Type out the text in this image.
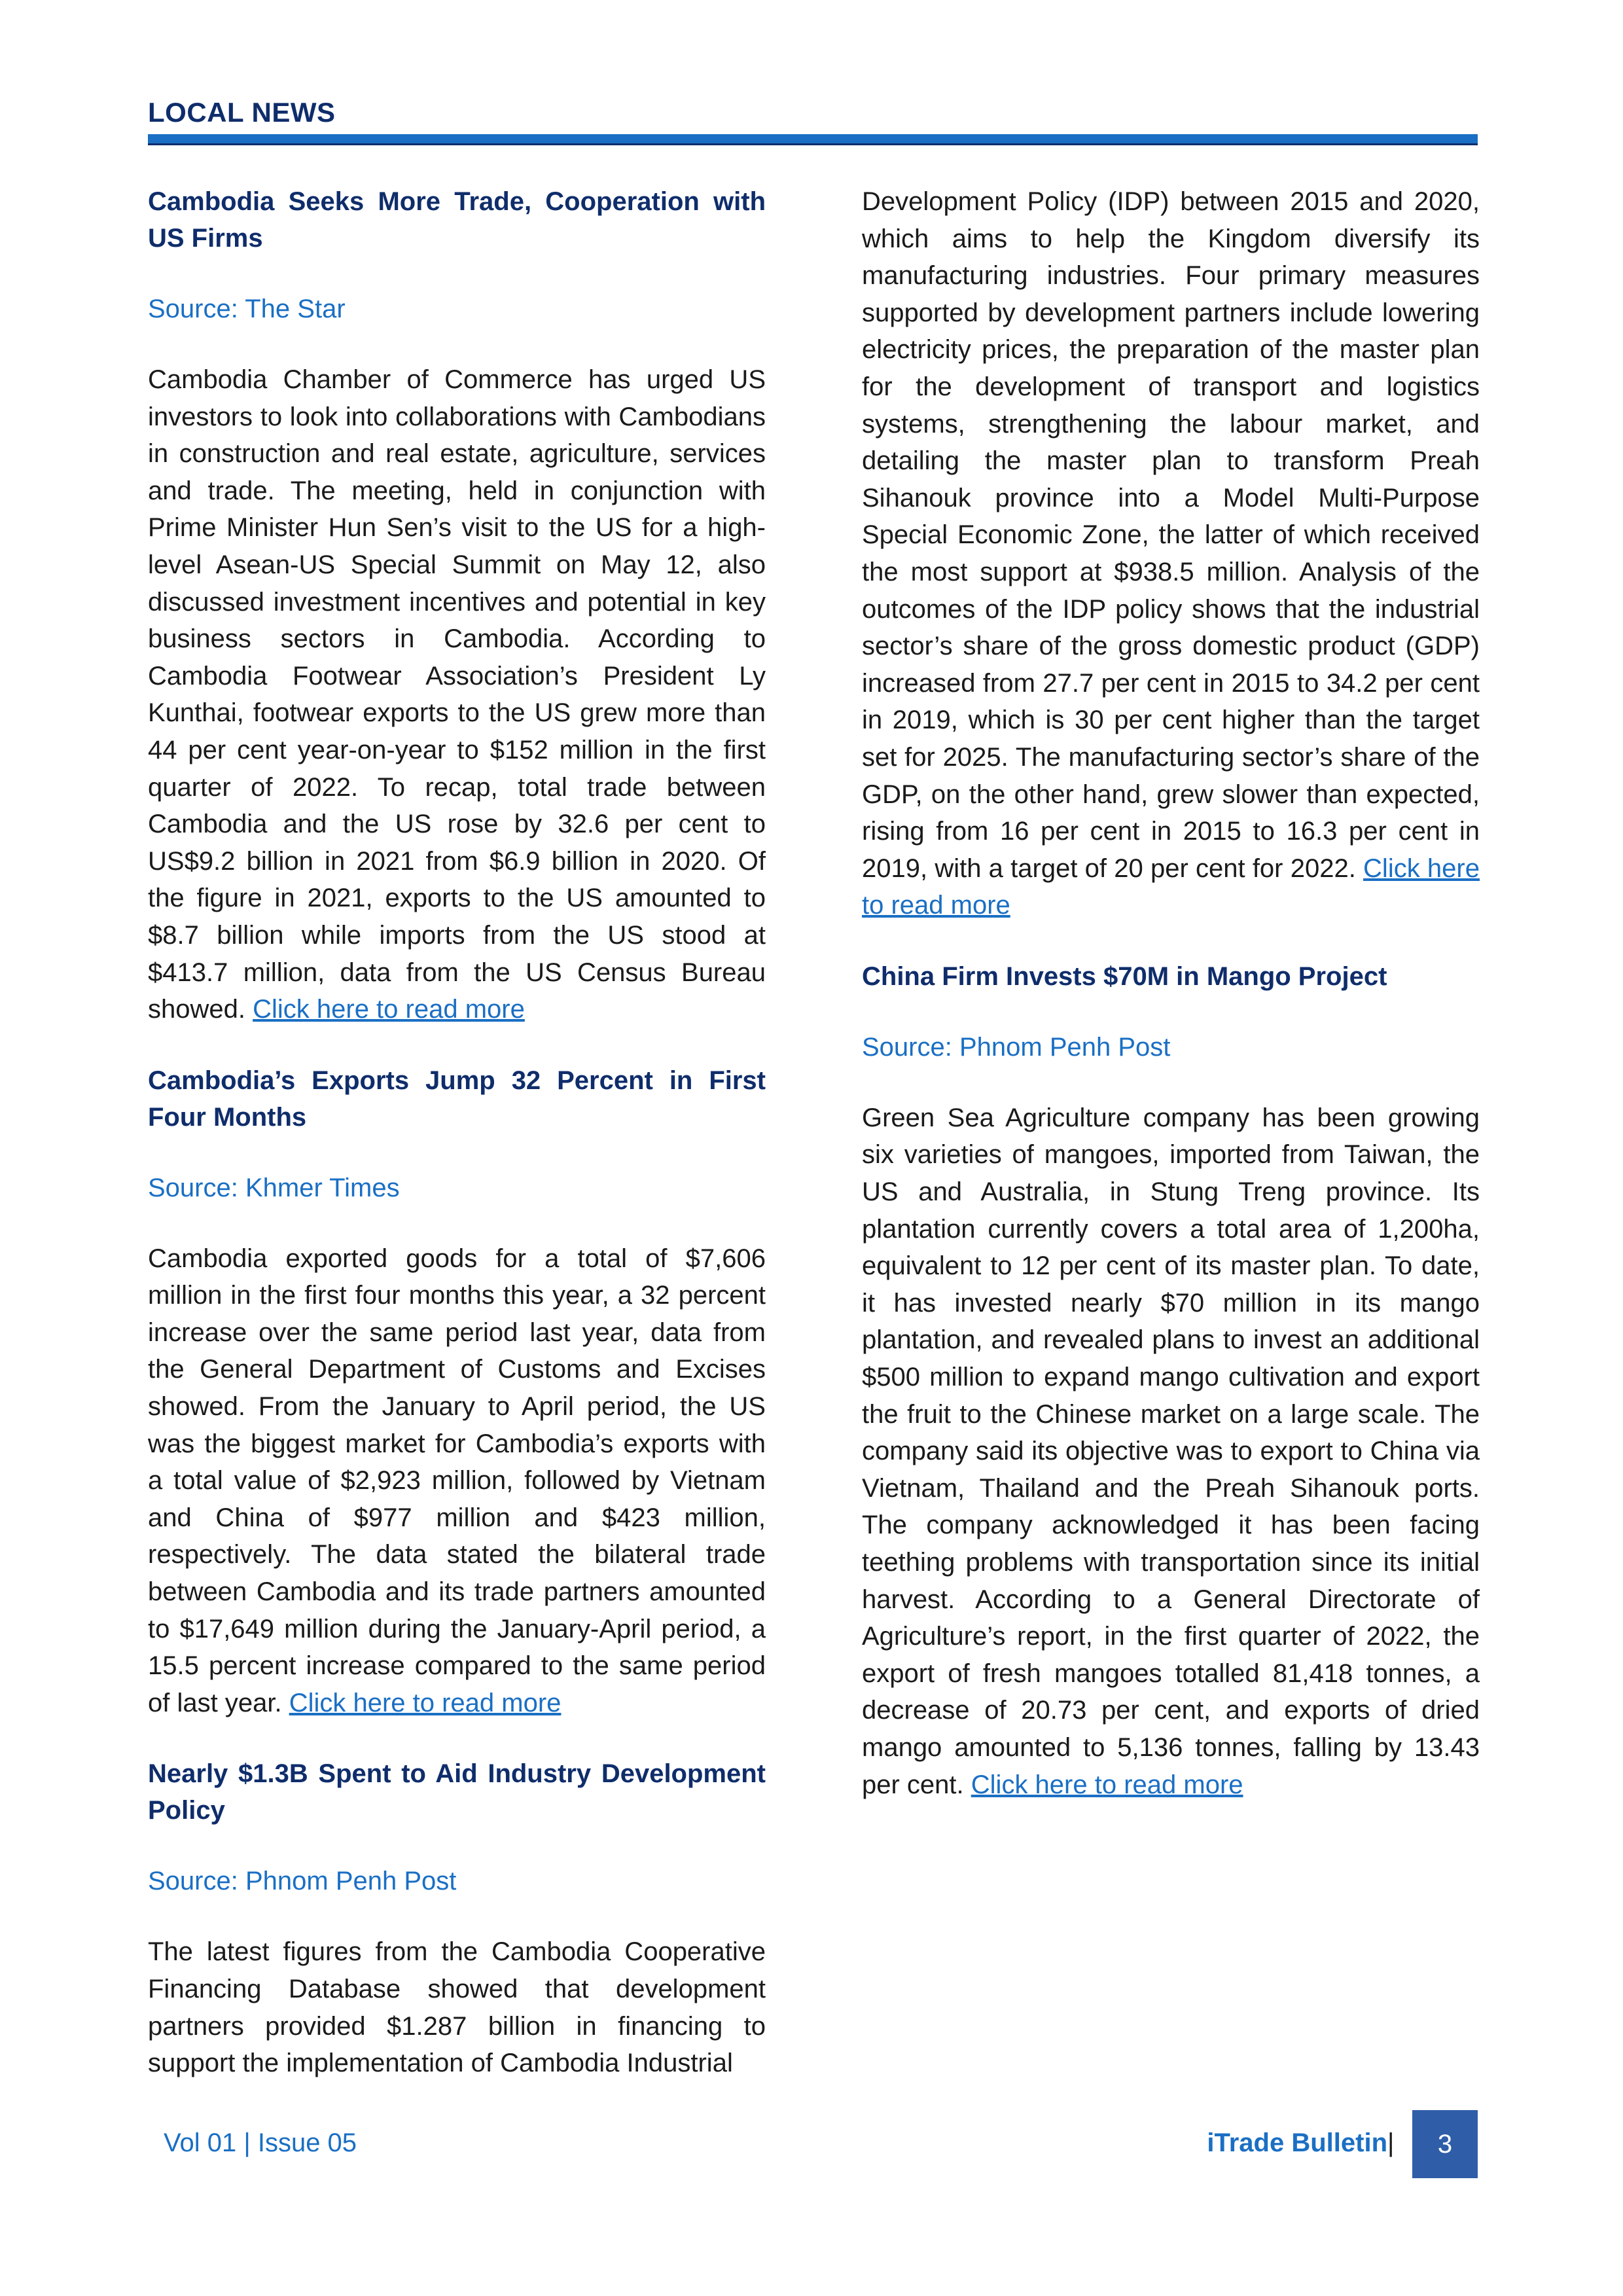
LOCAL NEWS

Cambodia Seeks More Trade, Cooperation with US Firms

Source: The Star

Cambodia Chamber of Commerce has urged US investors to look into collaborations with Cambodians in construction and real estate, agriculture, services and trade. The meeting, held in conjunction with Prime Minister Hun Sen’s visit to the US for a high-level Asean-US Special Summit on May 12, also discussed investment incentives and potential in key business sectors in Cambodia. According to Cambodia Footwear Association’s President Ly Kunthai, footwear exports to the US grew more than 44 per cent year-on-year to $152 million in the first quarter of 2022. To recap, total trade between Cambodia and the US rose by 32.6 per cent to US$9.2 billion in 2021 from $6.9 billion in 2020. Of the figure in 2021, exports to the US amounted to $8.7 billion while imports from the US stood at $413.7 million, data from the US Census Bureau showed. Click here to read more

Cambodia’s Exports Jump 32 Percent in First Four Months

Source: Khmer Times

Cambodia exported goods for a total of $7,606 million in the first four months this year, a 32 percent increase over the same period last year, data from the General Department of Customs and Excises showed. From the January to April period, the US was the biggest market for Cambodia’s exports with a total value of $2,923 million, followed by Vietnam and China of $977 million and $423 million, respectively. The data stated the bilateral trade between Cambodia and its trade partners amounted to $17,649 million during the January-April period, a 15.5 percent increase compared to the same period of last year. Click here to read more

Nearly $1.3B Spent to Aid Industry Development Policy

Source: Phnom Penh Post

The latest figures from the Cambodia Cooperative Financing Database showed that development partners provided $1.287 billion in financing to support the implementation of Cambodia Industrial

Development Policy (IDP) between 2015 and 2020, which aims to help the Kingdom diversify its manufacturing industries. Four primary measures supported by development partners include lowering electricity prices, the preparation of the master plan for the development of transport and logistics systems, strengthening the labour market, and detailing the master plan to transform Preah Sihanouk province into a Model Multi-Purpose Special Economic Zone, the latter of which received the most support at $938.5 million. Analysis of the outcomes of the IDP policy shows that the industrial sector’s share of the gross domestic product (GDP) increased from 27.7 per cent in 2015 to 34.2 per cent in 2019, which is 30 per cent higher than the target set for 2025. The manufacturing sector’s share of the GDP, on the other hand, grew slower than expected, rising from 16 per cent in 2015 to 16.3 per cent in 2019, with a target of 20 per cent for 2022. Click here to read more

China Firm Invests $70M in Mango Project

Source: Phnom Penh Post

Green Sea Agriculture company has been growing six varieties of mangoes, imported from Taiwan, the US and Australia, in Stung Treng province. Its plantation currently covers a total area of 1,200ha, equivalent to 12 per cent of its master plan. To date, it has invested nearly $70 million in its mango plantation, and revealed plans to invest an additional $500 million to expand mango cultivation and export the fruit to the Chinese market on a large scale. The company said its objective was to export to China via Vietnam, Thailand and the Preah Sihanouk ports. The company acknowledged it has been facing teething problems with transportation since its initial harvest. According to a General Directorate of Agriculture’s report, in the first quarter of 2022, the export of fresh mangoes totalled 81,418 tonnes, a decrease of 20.73 per cent, and exports of dried mango amounted to 5,136 tonnes, falling by 13.43 per cent. Click here to read more

Vol 01 | Issue 05	iTrade Bulletin |	3
